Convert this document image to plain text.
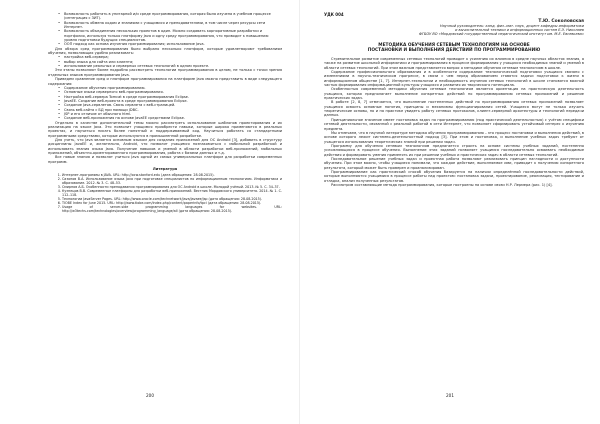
• Возможность работать в унитарной и/и среде программирования, которая была изучена в учебном процессе (интеграция с ЗИТ).
• Возможность обмена кодом и знаниями с учащимися и преподавателями, в том числе через ресурсы сети Интернет.
• Возможность объединения нескольких проектов в один. Можно создавать корпоративные разработки и портфолио, используя только платформу Java и одну среду программирования, что приводит к повышению уровня подготовки будущих специалистов.
• ООП подход как основа изучения программирования; использование Java.

Для обзора сред программирования было выбрано несколько платформ, которые удовлетворяют требованиям обучения, позволяющих удобно реализовать:

• настройка веб-сервера;
• выбор языка для сайта или клиента;
• использование реальных и серверных сетевых технологий в одном проекте.

Эти этапы позволяют более подробно рассмотреть технологии программирования в целом, не только с точки зрения отдельных языков программирования Java.

Приведем сравнение сред и платформ программирования на платформе Java можно представить в виде следующего содержания:

• Содержание обучения программированию.
• Основные языки серверного веб-программирования.
• Настройка веб-сервера Tomcat в среде программирования Eclipse.
• JavaEE. Создание веб-проекта в среде программирования Eclipse.
• Создание Java-сервлетов. Связь сервлета с веб-страницей.
• Связь веб-сайта с БД при помощи JDBC.
• JSP и его отличие от обычного html.
• Создание веб-приложения на основе JavaEE средствами Eclipse.

Отдельно в качестве дополнительной темы можно рассмотреть использование шаблонов проектирования и их реализацию на языке Java. Это позволит учащимся приобрести навыки, которые широко применяются в реальных проектах, и научиться писать более понятный и поддерживаемый код. Научиться работать со стандартными программными средствами, которые используются в промышленной разработке.

Для учеть, что Java является основным языком для создания приложений для ОС Android [3], добавить в структуру дисциплины JavaEE и, желательно, Android, что позволит учащимся познакомиться с мобильной разработкой и использовать знания языка Java. Получение навыков и умений в области разработки веб-приложений, мобильных приложений, объектно-ориентированного программирования, работа с базами данных и т.д.

Все новые знания и позволят учиться Java одной из самых универсальных платформ для разработки современных программ.

Литература
1. Интернет-программы в JAVA. URL: http://ocw.stanford.edu (дата обращения: 28.08.2015).
2. Сазонов В.А. Использование языка Java при подготовке специалистов по информационным технологиям. Информатика и образование. 2012. № 3. С. 48–53.
3. Смирнов А.Б. Особенности преподавания программирования для ОС Android в школе. Молодой учёный. 2013. № 5. С. 34–37.
4. Кузнецов В.В. Современные платформы для разработки веб-приложений. Вестник Мордовского университета. 2014. № 1. С. 112–118.
5. Технологии JavaServer Pages. URL: http://www.oracle.com/technetwork/java/javaee/jsp (дата обращения: 28.08.2015).
6. TIOBE Index for June 2015. URL: http://www.tiobe.com/index.php/content/paperinfo/tpci (дата обращения: 28.08.2015).
7. Usage of server-side programming languages for websites. URL: http://w3techs.com/technologies/overview/programming_language/all (дата обращения: 28.08.2015).
200
УДК 004
Т.Ю. Соколовская
Научный руководитель: канд. физ.-мат. наук, доцент кафедры информатики
и вычислительной техники и информационных систем Е.Э. Николаев
ФГБОУ ВО «Мордовский государственный педагогический институт им. М.Е. Евсевьева»
МЕТОДИКА ОБУЧЕНИЯ СЕТЕВЫМ ТЕХНОЛОГИЯМ НА ОСНОВЕ
ПОСТАНОВКИ И ВЫПОЛНЕНИЯ ДЕЙСТВИЙ ПО ПРОГРАММИРОВАНИЮ

Стремительное развитие современных сетевых технологий приводит к усилению их влияния в средне научных областях знания, а также на развитие школьной информатики и программирования в процессе формирования у учащихся необходимых знаний и умений в области сетевых технологий. При этом важным представляется вопрос о методике обучения сетевым технологиям в школе.

Содержание профессионального образования и в особенности содержание технологической подготовки учащихся связано с изменениями в научно-техническом прогрессе, в связи с чем перед образованием ставятся задачи подготовки к жизни в информационном обществе [1, 7]. Интернет-технологии и необходимость изучения сетевых технологий в школе становятся важной частью формирования информационной культуры учащихся и развития их творческого потенциала.

Особенностью современной методики обучения сетевым технологиям является ориентация на практическую деятельность учащихся, которая предполагает выполнение конкретных действий по программированию сетевых приложений и решение практических задач.

В работе [2, 8, 7] отмечается, что выполнение постепенных действий по программированию сетевых приложений позволяет учащимся освоить основные понятия, принципы и механизмы функционирования сетей. Учащиеся могут не только изучить теоретические основы, но и на практике увидеть работу сетевых протоколов, клиент-серверной архитектуры и технологий передачи данных.

Принципиальное значение имеет постановка задач по программированию (под практической деятельностью) с учётом специфики сетевой деятельности, связанной с реальной работой в сети Интернет, что позволяет сформировать устойчивый интерес к изучению предмета.

Мы отмечаем, что в научной литературе методика обучения программированию – это процесс постановки и выполнения действий, в основе которого лежит системно-деятельностный подход [3]. При этом и постановка, и выполнение учебных задач требуют от учащегося использования теоретических знаний при решении задач.

Программу для обучения сетевым технологиям предлагается строить на основе системы учебных заданий, постепенно усложняющихся в процессе обучения. Выполнение этих заданий позволяет учащимся последовательно осваивать необходимые действия и формировать умения применять их при решении учебных и практических задач в области сетевых технологий.

Последовательное решение учебных задач и проектная работа позволяют реализовать принцип наглядности и доступности обучения. При этом важно, чтобы учащиеся понимали, что каждое действие, выполняемое ими, приводит к получению конкретного результата, который может быть проверен и проанализирован.

Программирование как практический способ обучения базируется на наличии определённой последовательности действий, которые выполняются учащимися в процессе работы над проектом: постановка задачи, проектирование, реализация, тестирование и отладка, анализ полученных результатов.

Рассмотрим составляющие метода программирования, которые построены на основе связи Н.Р. Лермера (рис. 1) [4].

201
